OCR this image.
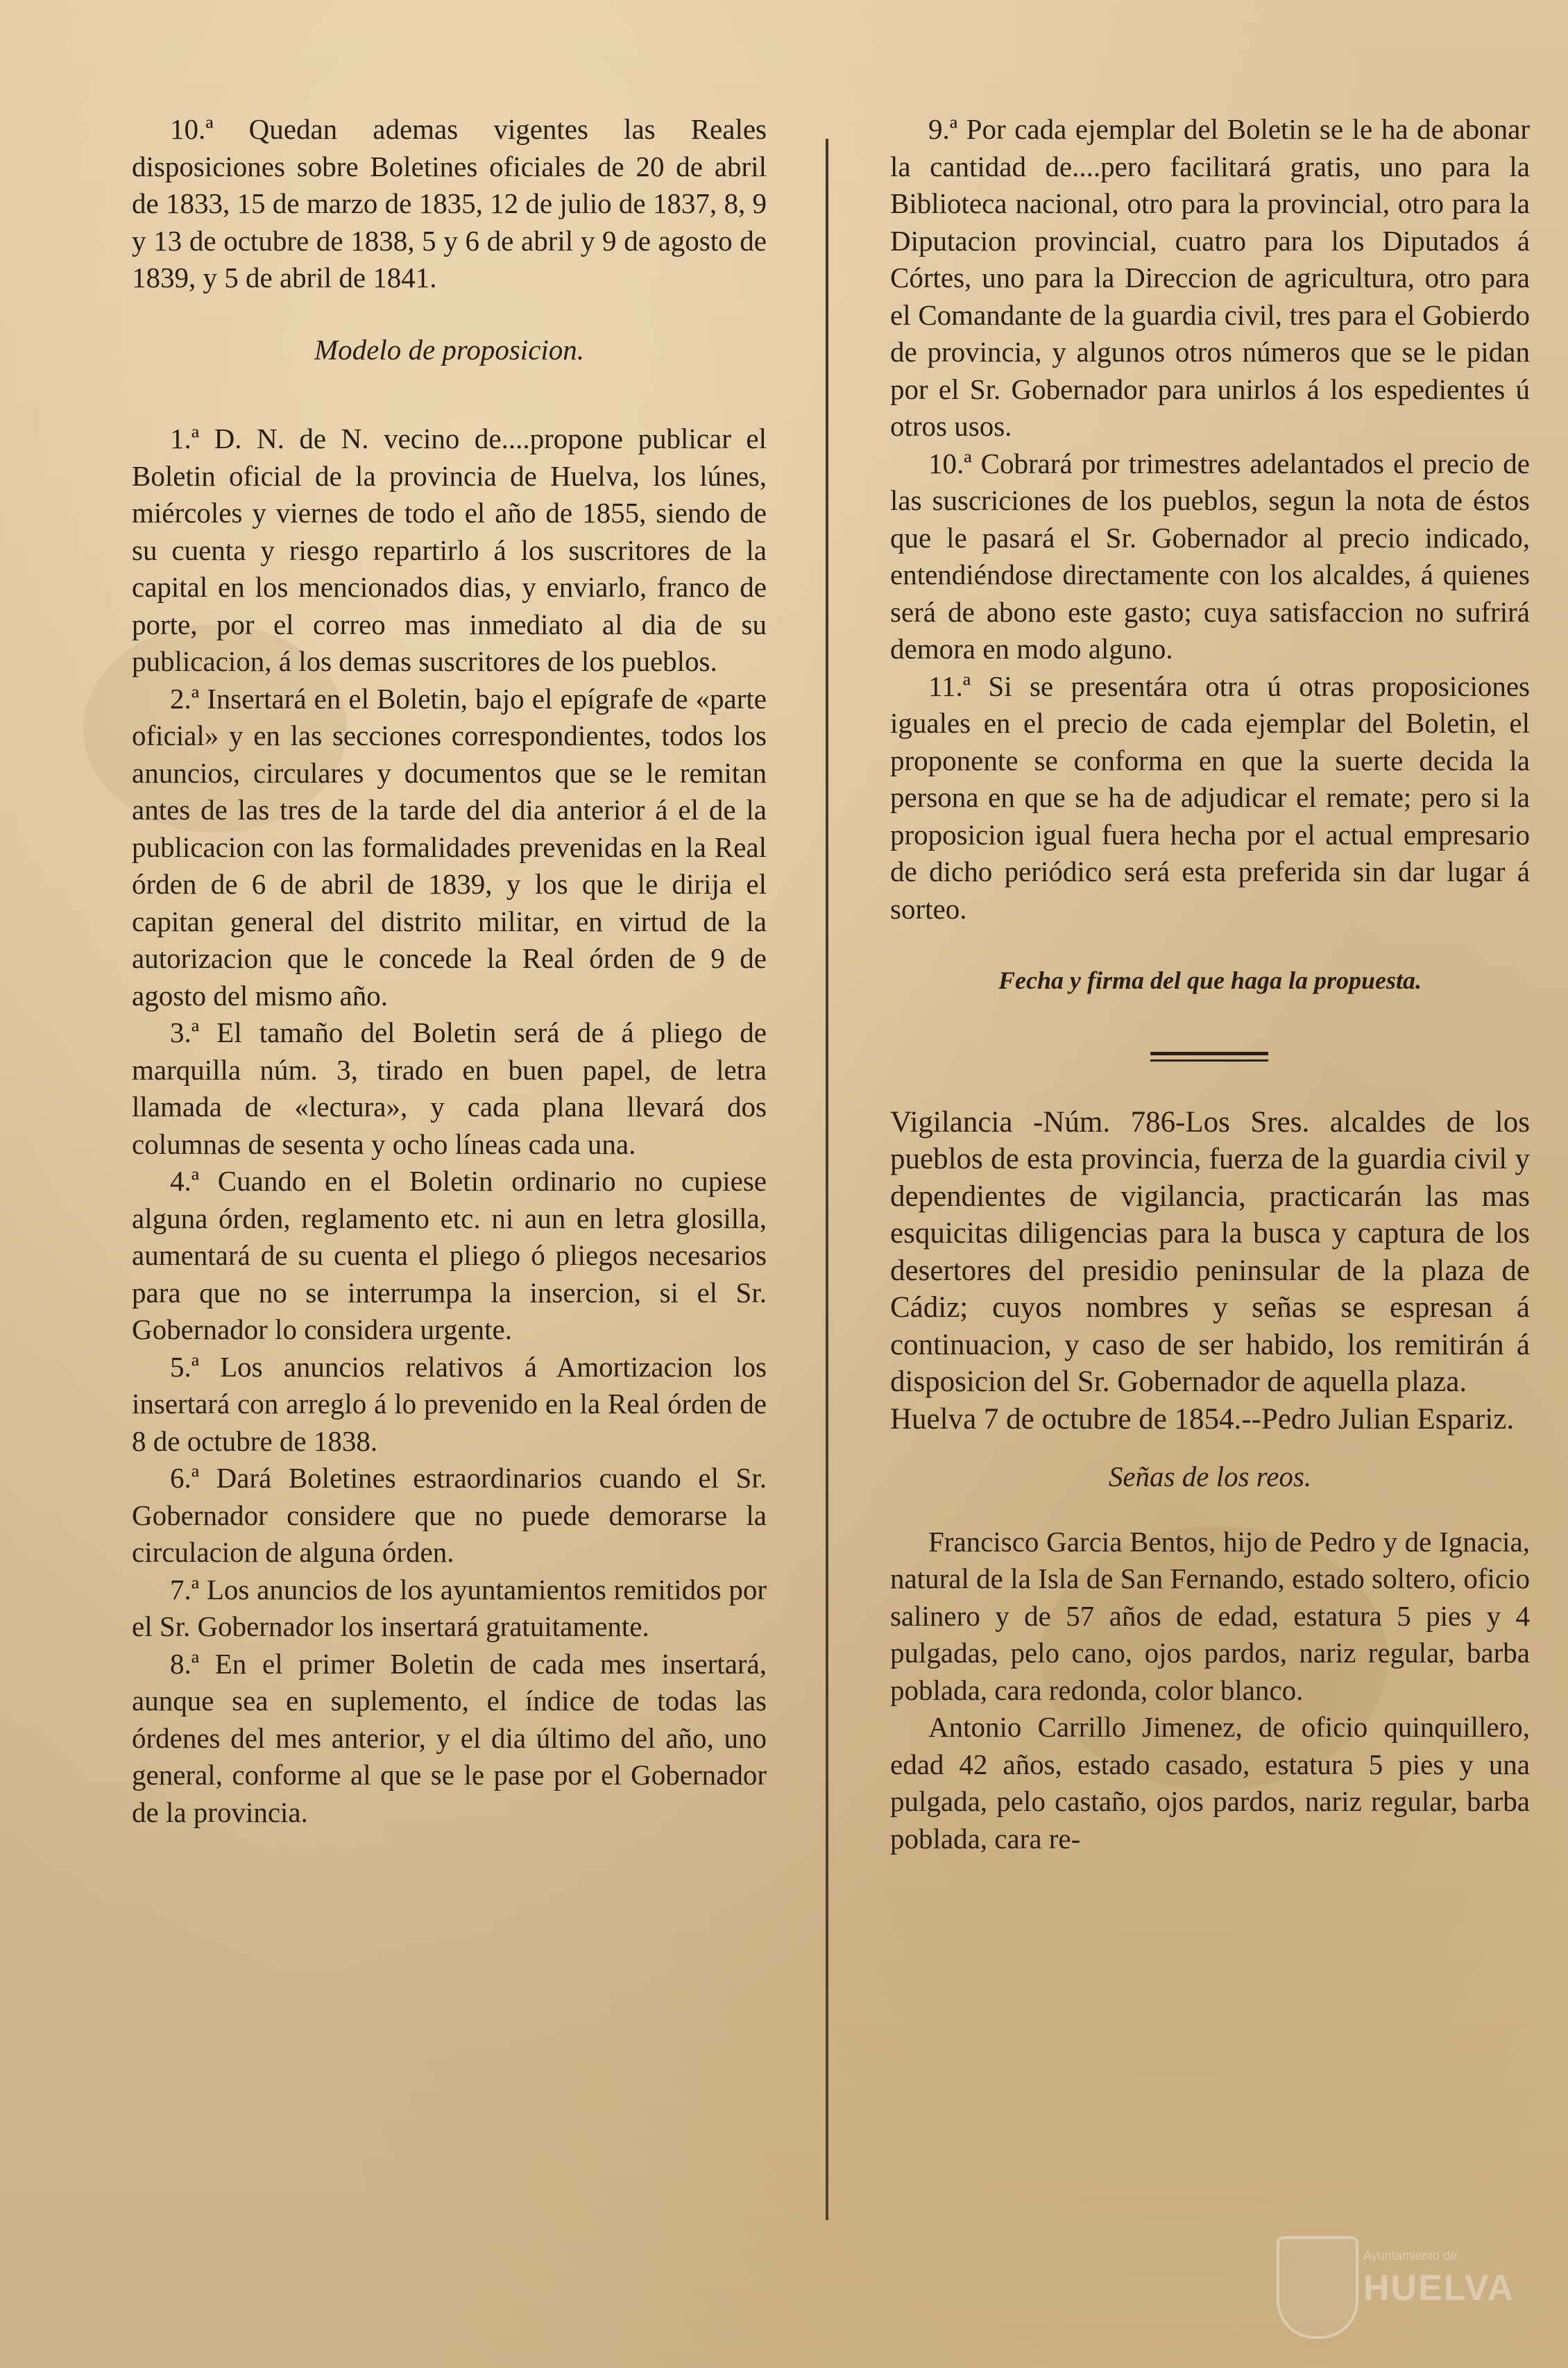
10.ª Quedan ademas vigentes las Reales disposiciones sobre Boletines oficiales de 20 de abril de 1833, 15 de marzo de 1835, 12 de julio de 1837, 8, 9 y 13 de octubre de 1838, 5 y 6 de abril y 9 de agosto de 1839, y 5 de abril de 1841.

Modelo de proposicion.

1.ª D. N. de N. vecino de....propone publicar el Boletin oficial de la provincia de Huelva, los lúnes, miércoles y viernes de todo el año de 1855, siendo de su cuenta y riesgo repartirlo á los suscritores de la capital en los mencionados dias, y enviarlo, franco de porte, por el correo mas inmediato al dia de su publicacion, á los demas suscritores de los pueblos.

2.ª Insertará en el Boletin, bajo el epígrafe de «parte oficial» y en las secciones correspondientes, todos los anuncios, circulares y documentos que se le remitan antes de las tres de la tarde del dia anterior á el de la publicacion con las formalidades prevenidas en la Real órden de 6 de abril de 1839, y los que le dirija el capitan general del distrito militar, en virtud de la autorizacion que le concede la Real órden de 9 de agosto del mismo año.

3.ª El tamaño del Boletin será de á pliego de marquilla núm. 3, tirado en buen papel, de letra llamada de «lectura», y cada plana llevará dos columnas de sesenta y ocho líneas cada una.

4.ª Cuando en el Boletin ordinario no cupiese alguna órden, reglamento etc. ni aun en letra glosilla, aumentará de su cuenta el pliego ó pliegos necesarios para que no se interrumpa la insercion, si el Sr. Gobernador lo considera urgente.

5.ª Los anuncios relativos á Amortizacion los insertará con arreglo á lo prevenido en la Real órden de 8 de octubre de 1838.

6.ª Dará Boletines estraordinarios cuando el Sr. Gobernador considere que no puede demorarse la circulacion de alguna órden.

7.ª Los anuncios de los ayuntamientos remitidos por el Sr. Gobernador los insertará gratuitamente.

8.ª En el primer Boletin de cada mes insertará, aunque sea en suplemento, el índice de todas las órdenes del mes anterior, y el dia último del año, uno general, conforme al que se le pase por el Gobernador de la provincia.

9.ª Por cada ejemplar del Boletin se le ha de abonar la cantidad de....pero facilitará gratis, uno para la Biblioteca nacional, otro para la provincial, otro para la Diputacion provincial, cuatro para los Diputados á Córtes, uno para la Direccion de agricultura, otro para el Comandante de la guardia civil, tres para el Gobierdo de provincia, y algunos otros números que se le pidan por el Sr. Gobernador para unirlos á los espedientes ú otros usos.

10.ª Cobrará por trimestres adelantados el precio de las suscriciones de los pueblos, segun la nota de éstos que le pasará el Sr. Gobernador al precio indicado, entendiéndose directamente con los alcaldes, á quienes será de abono este gasto; cuya satisfaccion no sufrirá demora en modo alguno.

11.ª Si se presentára otra ú otras proposiciones iguales en el precio de cada ejemplar del Boletin, el proponente se conforma en que la suerte decida la persona en que se ha de adjudicar el remate; pero si la proposicion igual fuera hecha por el actual empresario de dicho periódico será esta preferida sin dar lugar á sorteo.

Fecha y firma del que haga la propuesta.

Vigilancia -Núm. 786-Los Sres. alcaldes de los pueblos de esta provincia, fuerza de la guardia civil y dependientes de vigilancia, practicarán las mas esquicitas diligencias para la busca y captura de los desertores del presidio peninsular de la plaza de Cádiz; cuyos nombres y señas se espresan á continuacion, y caso de ser habido, los remitirán á disposicion del Sr. Gobernador de aquella plaza.

Huelva 7 de octubre de 1854.--Pedro Julian Espariz.

Señas de los reos.

Francisco Garcia Bentos, hijo de Pedro y de Ignacia, natural de la Isla de San Fernando, estado soltero, oficio salinero y de 57 años de edad, estatura 5 pies y 4 pulgadas, pelo cano, ojos pardos, nariz regular, barba poblada, cara redonda, color blanco.

Antonio Carrillo Jimenez, de oficio quinquillero, edad 42 años, estado casado, estatura 5 pies y una pulgada, pelo castaño, ojos pardos, nariz regular, barba poblada, cara re-

Ayuntamiento de
HUELVA
